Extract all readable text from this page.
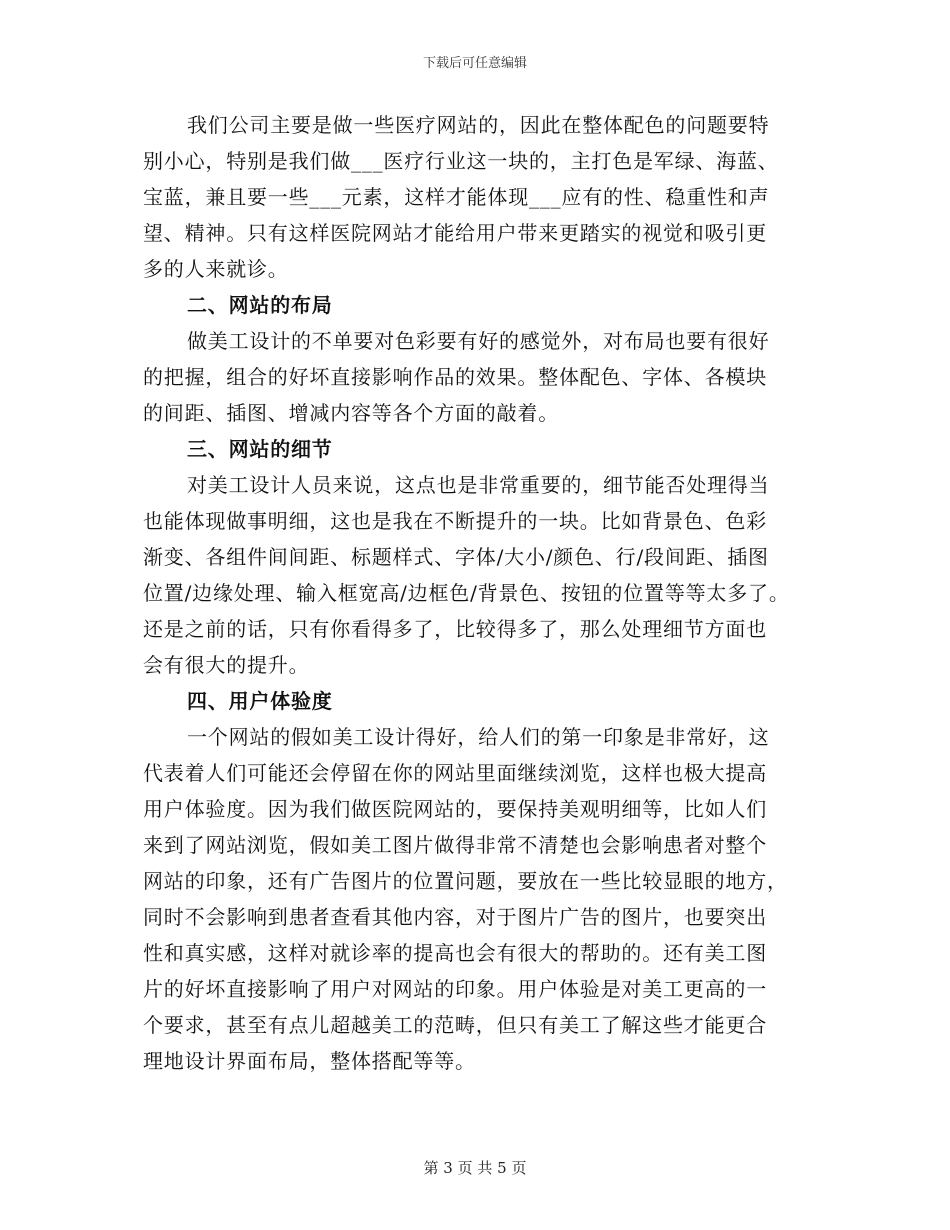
下载后可任意编辑
我们公司主要是做一些医疗网站的，因此在整体配色的问题要特
别小心，特别是我们做___医疗行业这一块的，主打色是军绿、海蓝、
宝蓝，兼且要一些___元素，这样才能体现___应有的性、稳重性和声
望、精神。只有这样医院网站才能给用户带来更踏实的视觉和吸引更
多的人来就诊。
二、网站的布局
做美工设计的不单要对色彩要有好的感觉外，对布局也要有很好
的把握，组合的好坏直接影响作品的效果。整体配色、字体、各模块
的间距、插图、增减内容等各个方面的敲着。
三、网站的细节
对美工设计人员来说，这点也是非常重要的，细节能否处理得当
也能体现做事明细，这也是我在不断提升的一块。比如背景色、色彩
渐变、各组件间间距、标题样式、字体/大小/颜色、行/段间距、插图
位置/边缘处理、输入框宽高/边框色/背景色、按钮的位置等等太多了。
还是之前的话，只有你看得多了，比较得多了，那么处理细节方面也
会有很大的提升。
四、用户体验度
一个网站的假如美工设计得好，给人们的第一印象是非常好，这
代表着人们可能还会停留在你的网站里面继续浏览，这样也极大提高
用户体验度。因为我们做医院网站的，要保持美观明细等，比如人们
来到了网站浏览，假如美工图片做得非常不清楚也会影响患者对整个
网站的印象，还有广告图片的位置问题，要放在一些比较显眼的地方，
同时不会影响到患者查看其他内容，对于图片广告的图片，也要突出
性和真实感，这样对就诊率的提高也会有很大的帮助的。还有美工图
片的好坏直接影响了用户对网站的印象。用户体验是对美工更高的一
个要求，甚至有点儿超越美工的范畴，但只有美工了解这些才能更合
理地设计界面布局，整体搭配等等。
第 3 页 共 5 页
